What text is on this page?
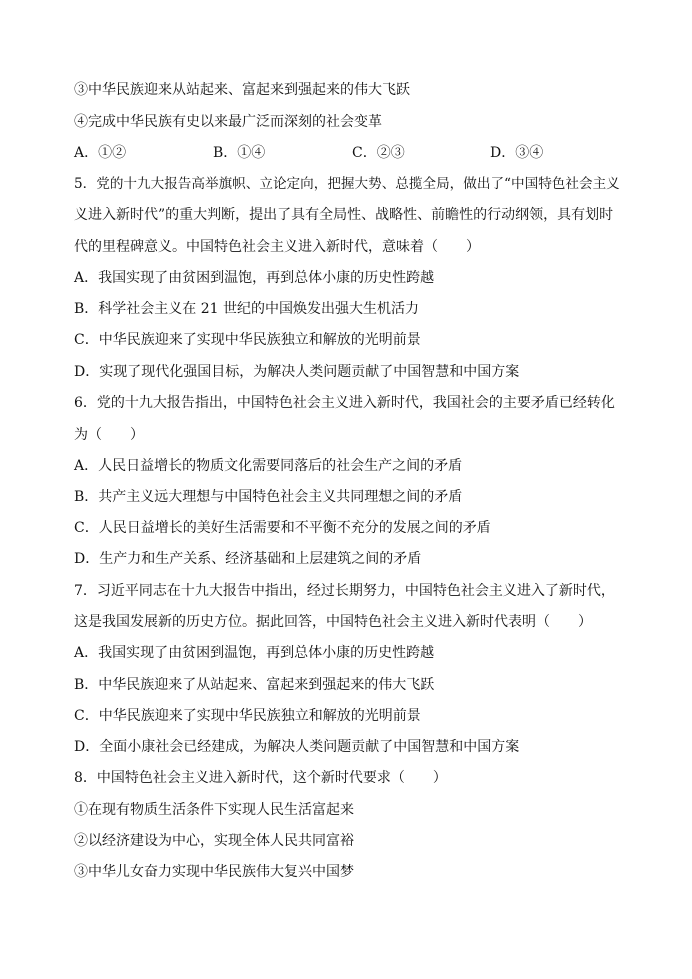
③中华民族迎来从站起来、富起来到强起来的伟大飞跃
④完成中华民族有史以来最广泛而深刻的社会变革
A．①②	B．①④	C．②③	D．③④
5．党的十九大报告高举旗帜、立论定向，把握大势、总揽全局，做出了“中国特色社会主义
义进入新时代”的重大判断，提出了具有全局性、战略性、前瞻性的行动纲领，具有划时
代的里程碑意义。中国特色社会主义进入新时代，意味着（　　）
A．我国实现了由贫困到温饱，再到总体小康的历史性跨越
B．科学社会主义在 21 世纪的中国焕发出强大生机活力
C．中华民族迎来了实现中华民族独立和解放的光明前景
D．实现了现代化强国目标，为解决人类问题贡献了中国智慧和中国方案
6．党的十九大报告指出，中国特色社会主义进入新时代，我国社会的主要矛盾已经转化
为（　　）
A．人民日益增长的物质文化需要同落后的社会生产之间的矛盾
B．共产主义远大理想与中国特色社会主义共同理想之间的矛盾
C．人民日益增长的美好生活需要和不平衡不充分的发展之间的矛盾
D．生产力和生产关系、经济基础和上层建筑之间的矛盾
7．习近平同志在十九大报告中指出，经过长期努力，中国特色社会主义进入了新时代，
这是我国发展新的历史方位。据此回答，中国特色社会主义进入新时代表明（　　）
A．我国实现了由贫困到温饱，再到总体小康的历史性跨越
B．中华民族迎来了从站起来、富起来到强起来的伟大飞跃
C．中华民族迎来了实现中华民族独立和解放的光明前景
D．全面小康社会已经建成，为解决人类问题贡献了中国智慧和中国方案
8．中国特色社会主义进入新时代，这个新时代要求（　　）
①在现有物质生活条件下实现人民生活富起来
②以经济建设为中心，实现全体人民共同富裕
③中华儿女奋力实现中华民族伟大复兴中国梦
